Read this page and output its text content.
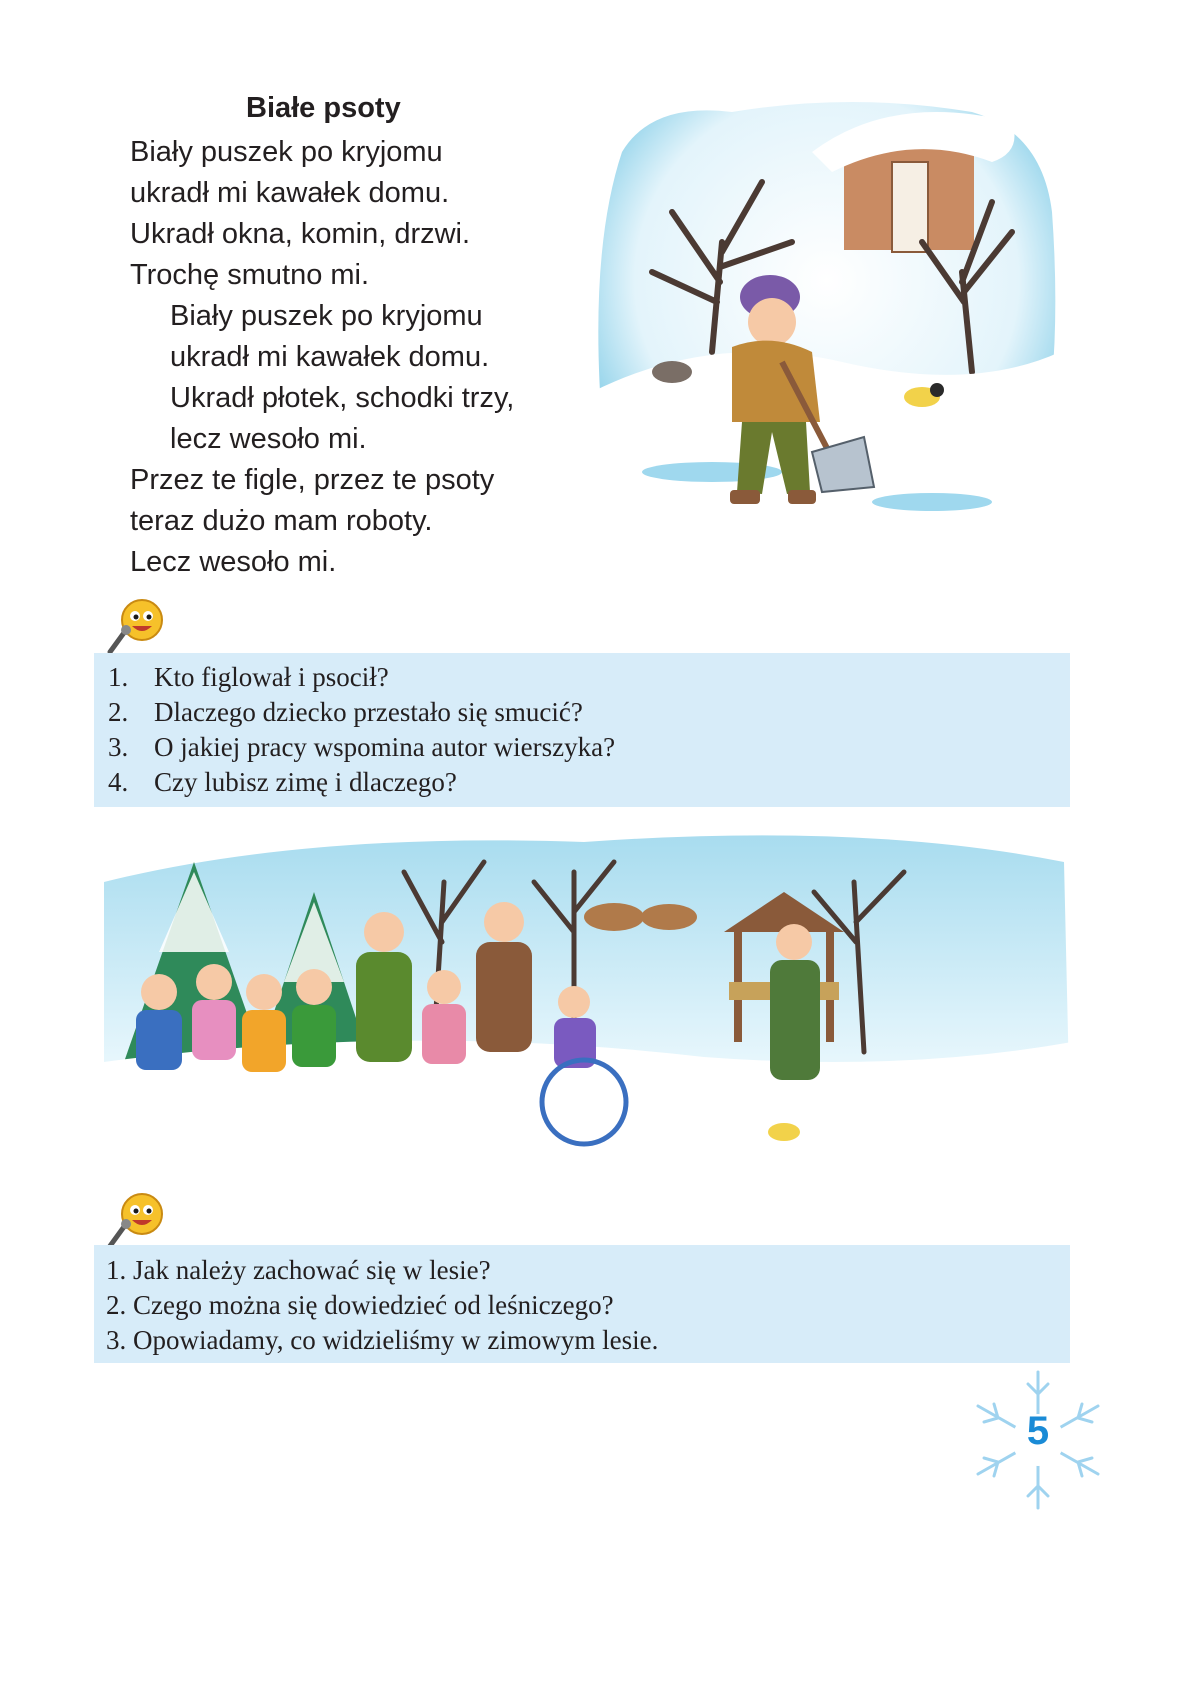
Białe psoty
Biały puszek po kryjomu
ukradł mi kawałek domu.
Ukradł okna, komin, drzwi.
Trochę smutno mi.
Biały puszek po kryjomu
ukradł mi kawałek domu.
Ukradł płotek, schodki trzy,
lecz wesoło mi.
Przez te figle, przez te psoty
teraz dużo mam roboty.
Lecz wesoło mi.
1. Kto figlował i psocił?
2. Dlaczego dziecko przestało się smucić?
3. O jakiej pracy wspomina autor wierszyka?
4. Czy lubisz zimę i dlaczego?
1. Jak należy zachować się w lesie?
2. Czego można się dowiedzieć od leśniczego?
3. Opowiadamy, co widzieliśmy w zimowym lesie.
5
